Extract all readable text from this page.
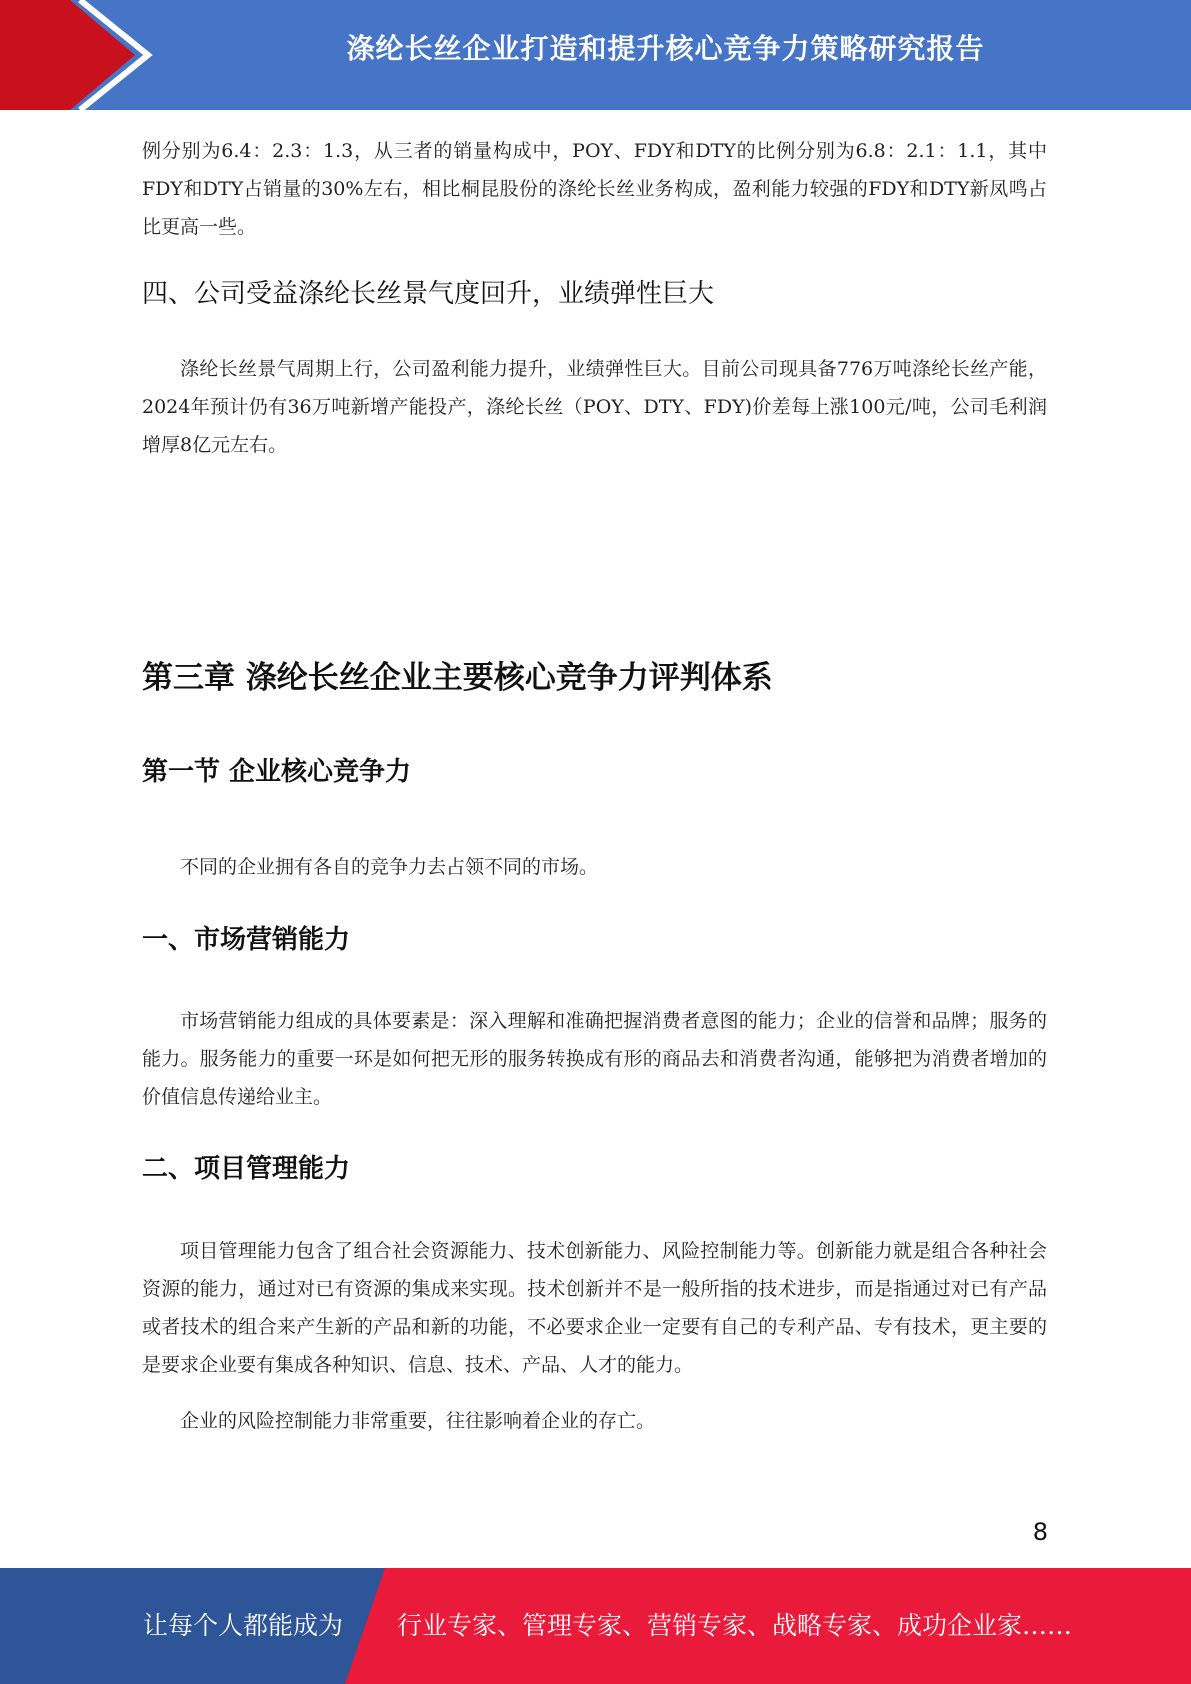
涤纶长丝企业打造和提升核心竞争力策略研究报告

例分别为6.4：2.3：1.3，从三者的销量构成中，POY、FDY和DTY的比例分别为6.8：2.1：1.1，其中FDY和DTY占销量的30%左右，相比桐昆股份的涤纶长丝业务构成，盈利能力较强的FDY和DTY新凤鸣占比更高一些。

四、公司受益涤纶长丝景气度回升，业绩弹性巨大

涤纶长丝景气周期上行，公司盈利能力提升，业绩弹性巨大。目前公司现具备776万吨涤纶长丝产能，2024年预计仍有36万吨新增产能投产，涤纶长丝（POY、DTY、FDY)价差每上涨100元/吨，公司毛利润增厚8亿元左右。

第三章 涤纶长丝企业主要核心竞争力评判体系
第一节 企业核心竞争力

不同的企业拥有各自的竞争力去占领不同的市场。

一、市场营销能力

市场营销能力组成的具体要素是：深入理解和准确把握消费者意图的能力；企业的信誉和品牌；服务的能力。服务能力的重要一环是如何把无形的服务转换成有形的商品去和消费者沟通，能够把为消费者增加的价值信息传递给业主。

二、项目管理能力

项目管理能力包含了组合社会资源能力、技术创新能力、风险控制能力等。创新能力就是组合各种社会资源的能力，通过对已有资源的集成来实现。技术创新并不是一般所指的技术进步，而是指通过对已有产品或者技术的组合来产生新的产品和新的功能，不必要求企业一定要有自己的专利产品、专有技术，更主要的是要求企业要有集成各种知识、信息、技术、产品、人才的能力。

企业的风险控制能力非常重要，往往影响着企业的存亡。

8
让每个人都能成为 行业专家、管理专家、营销专家、战略专家、成功企业家……
